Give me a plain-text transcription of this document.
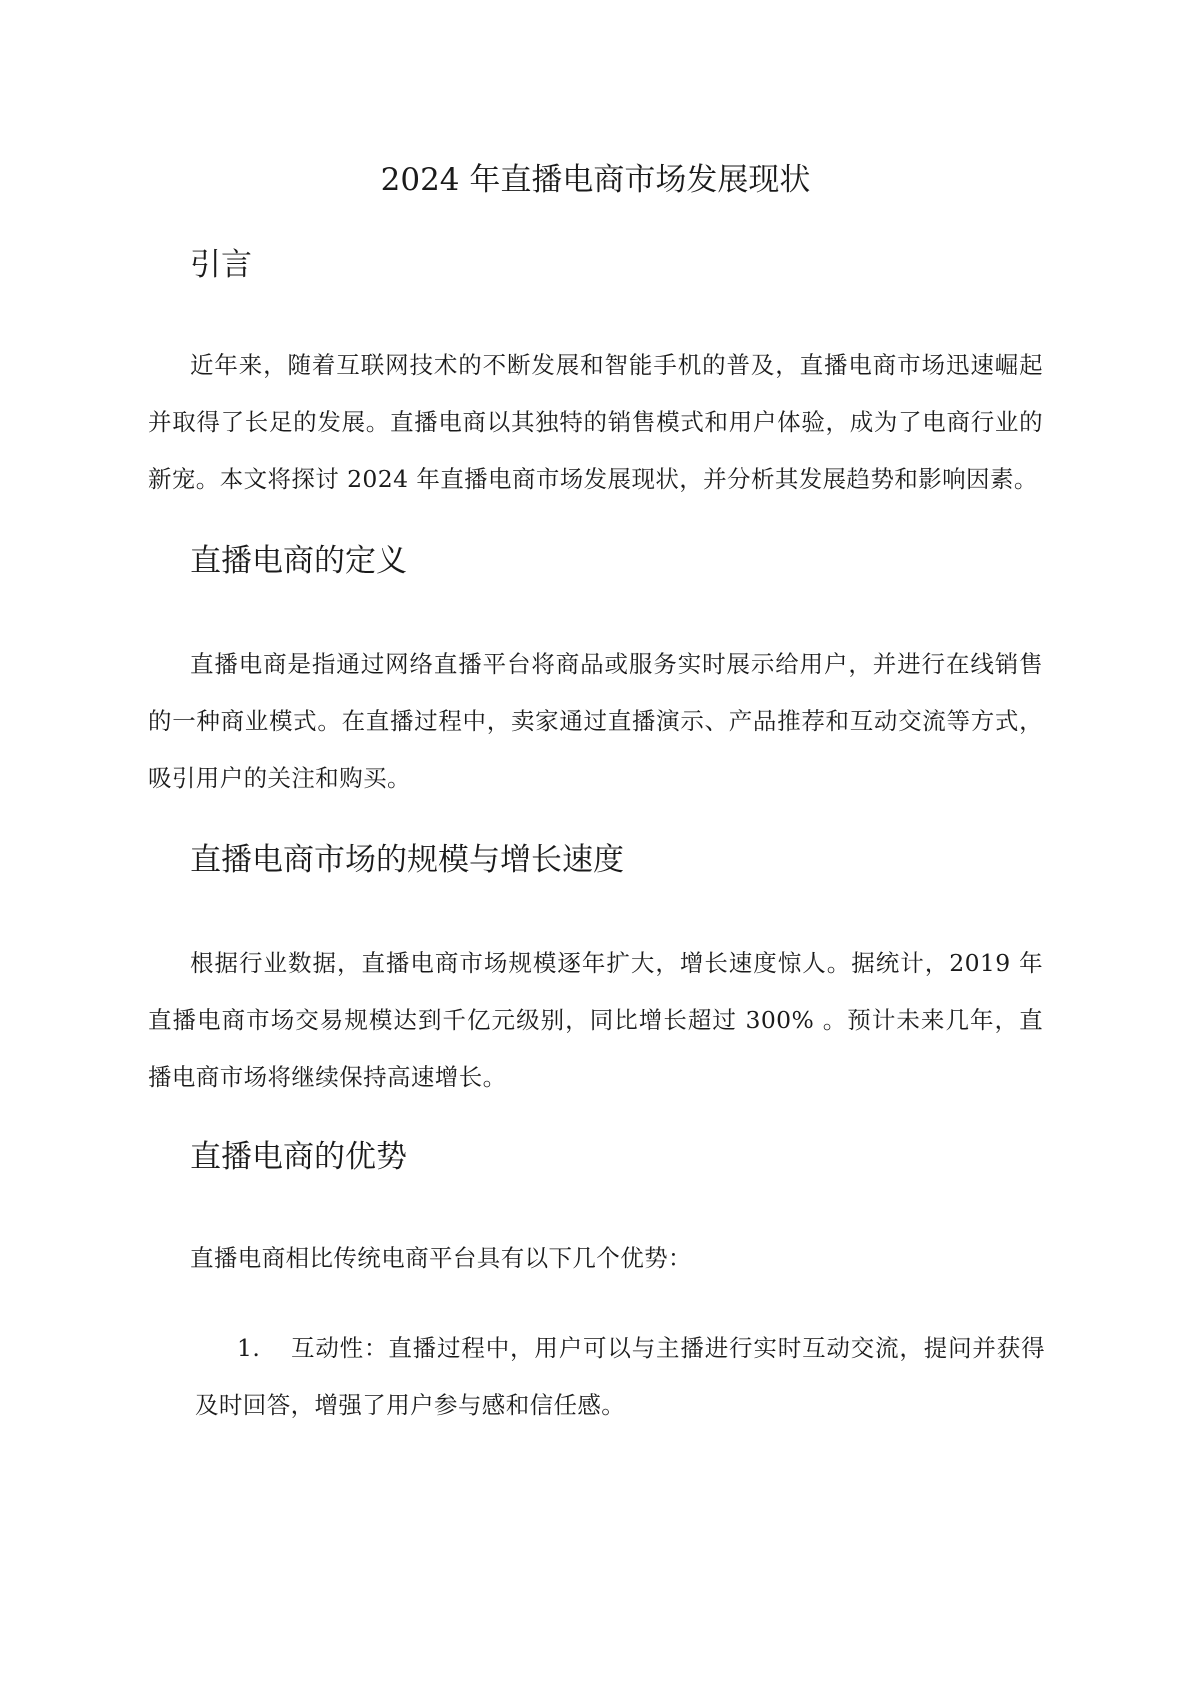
2024 年直播电商市场发展现状
引言

近年来，随着互联网技术的不断发展和智能手机的普及，直播电商市场迅速崛起并取得了长足的发展。直播电商以其独特的销售模式和用户体验，成为了电商行业的新宠。本文将探讨 2024 年直播电商市场发展现状，并分析其发展趋势和影响因素。

直播电商的定义

直播电商是指通过网络直播平台将商品或服务实时展示给用户，并进行在线销售的一种商业模式。在直播过程中，卖家通过直播演示、产品推荐和互动交流等方式，吸引用户的关注和购买。

直播电商市场的规模与增长速度

根据行业数据，直播电商市场规模逐年扩大，增长速度惊人。据统计，2019 年直播电商市场交易规模达到千亿元级别，同比增长超过 300% 。预计未来几年，直播电商市场将继续保持高速增长。

直播电商的优势

直播电商相比传统电商平台具有以下几个优势：

1.	互动性：直播过程中，用户可以与主播进行实时互动交流，提问并获得及时回答，增强了用户参与感和信任感。
